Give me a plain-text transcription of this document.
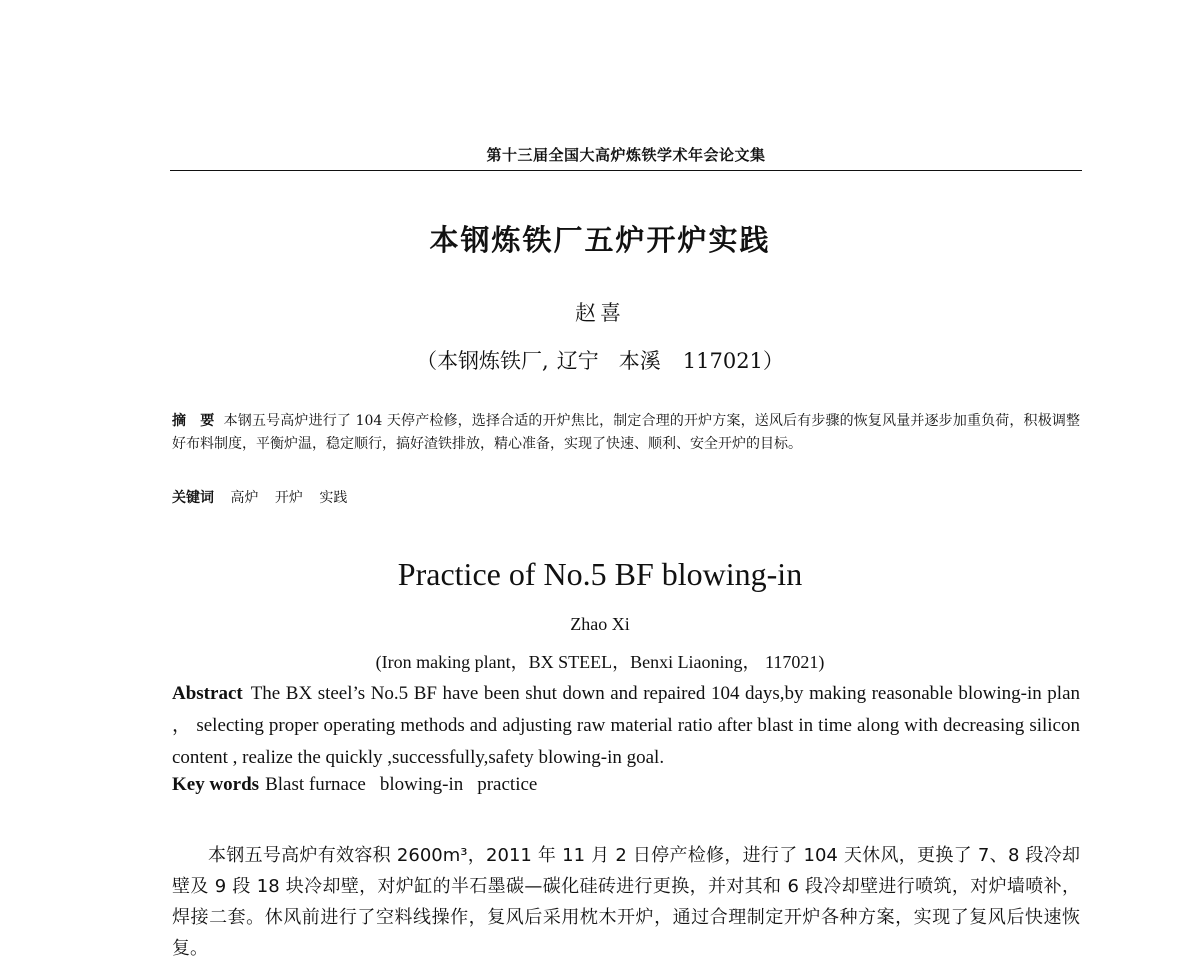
第十三届全国大高炉炼铁学术年会论文集
本钢炼铁厂五炉开炉实践
赵喜
（本钢炼铁厂, 辽宁 本溪 117021）
摘　要 本钢五号高炉进行了 104 天停产检修，选择合适的开炉焦比，制定合理的开炉方案，送风后有步骤的恢复风量并逐步加重负荷，积极调整好布料制度，平衡炉温，稳定顺行，搞好渣铁排放，精心准备，实现了快速、顺利、安全开炉的目标。
关键词 高炉 开炉 实践
Practice of No.5 BF blowing-in
Zhao Xi
(Iron making plant，BX STEEL，Benxi Liaoning， 117021)
Abstract The BX steel’s No.5 BF have been shut down and repaired 104 days,by making reasonable blowing-in plan ， selecting proper operating methods and adjusting raw material ratio after blast in time along with decreasing silicon content , realize the quickly ,successfully,safety blowing-in goal.
Key words Blast furnace blowing-in practice
本钢五号高炉有效容积 2600m³，2011 年 11 月 2 日停产检修，进行了 104 天休风，更换了 7、8 段冷却壁及 9 段 18 块冷却壁，对炉缸的半石墨碳—碳化硅砖进行更换，并对其和 6 段冷却壁进行喷筑，对炉墙喷补，焊接二套。休风前进行了空料线操作，复风后采用枕木开炉，通过合理制定开炉各种方案，实现了复风后快速恢复。
